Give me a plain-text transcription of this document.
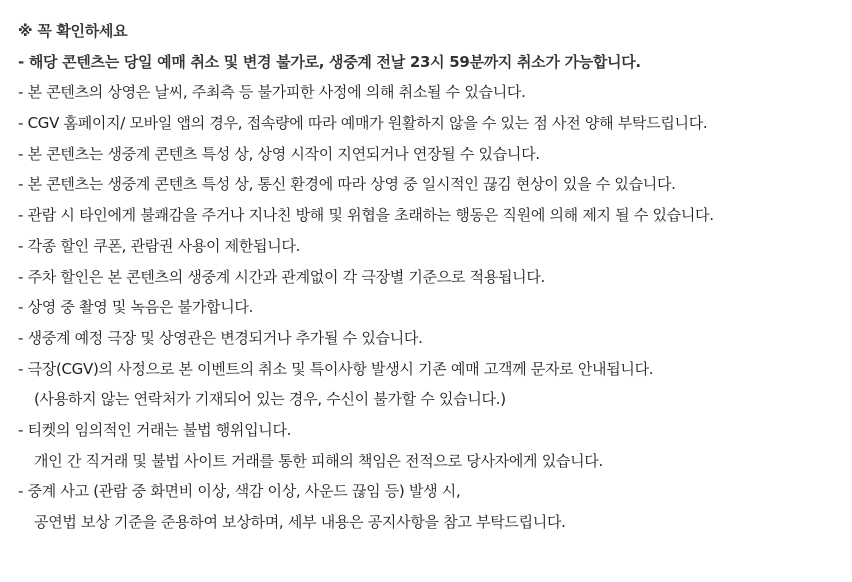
※ 꼭 확인하세요
- 해당 콘텐츠는 당일 예매 취소 및 변경 불가로, 생중계 전날 23시 59분까지 취소가 가능합니다.
- 본 콘텐츠의 상영은 날씨, 주최측 등 불가피한 사정에 의해 취소될 수 있습니다.
- CGV 홈페이지/ 모바일 앱의 경우, 접속량에 따라 예매가 원활하지 않을 수 있는 점 사전 양해 부탁드립니다.
- 본 콘텐츠는 생중계 콘텐츠 특성 상, 상영 시작이 지연되거나 연장될 수 있습니다.
- 본 콘텐츠는 생중계 콘텐츠 특성 상, 통신 환경에 따라 상영 중 일시적인 끊김 현상이 있을 수 있습니다.
- 관람 시 타인에게 불쾌감을 주거나 지나친 방해 및 위협을 초래하는 행동은 직원에 의해 제지 될 수 있습니다.
- 각종 할인 쿠폰, 관람권 사용이 제한됩니다.
- 주차 할인은 본 콘텐츠의 생중계 시간과 관계없이 각 극장별 기준으로 적용됩니다.
- 상영 중 촬영 및 녹음은 불가합니다.
- 생중계 예정 극장 및 상영관은 변경되거나 추가될 수 있습니다.
- 극장(CGV)의 사정으로 본 이벤트의 취소 및 특이사항 발생시 기존 예매 고객께 문자로 안내됩니다.
(사용하지 않는 연락처가 기재되어 있는 경우, 수신이 불가할 수 있습니다.)
- 티켓의 임의적인 거래는 불법 행위입니다.
개인 간 직거래 및 불법 사이트 거래를 통한 피해의 책임은 전적으로 당사자에게 있습니다.
- 중계 사고 (관람 중 화면비 이상, 색감 이상, 사운드 끊임 등) 발생 시,
공연법 보상 기준을 준용하여 보상하며, 세부 내용은 공지사항을 참고 부탁드립니다.
